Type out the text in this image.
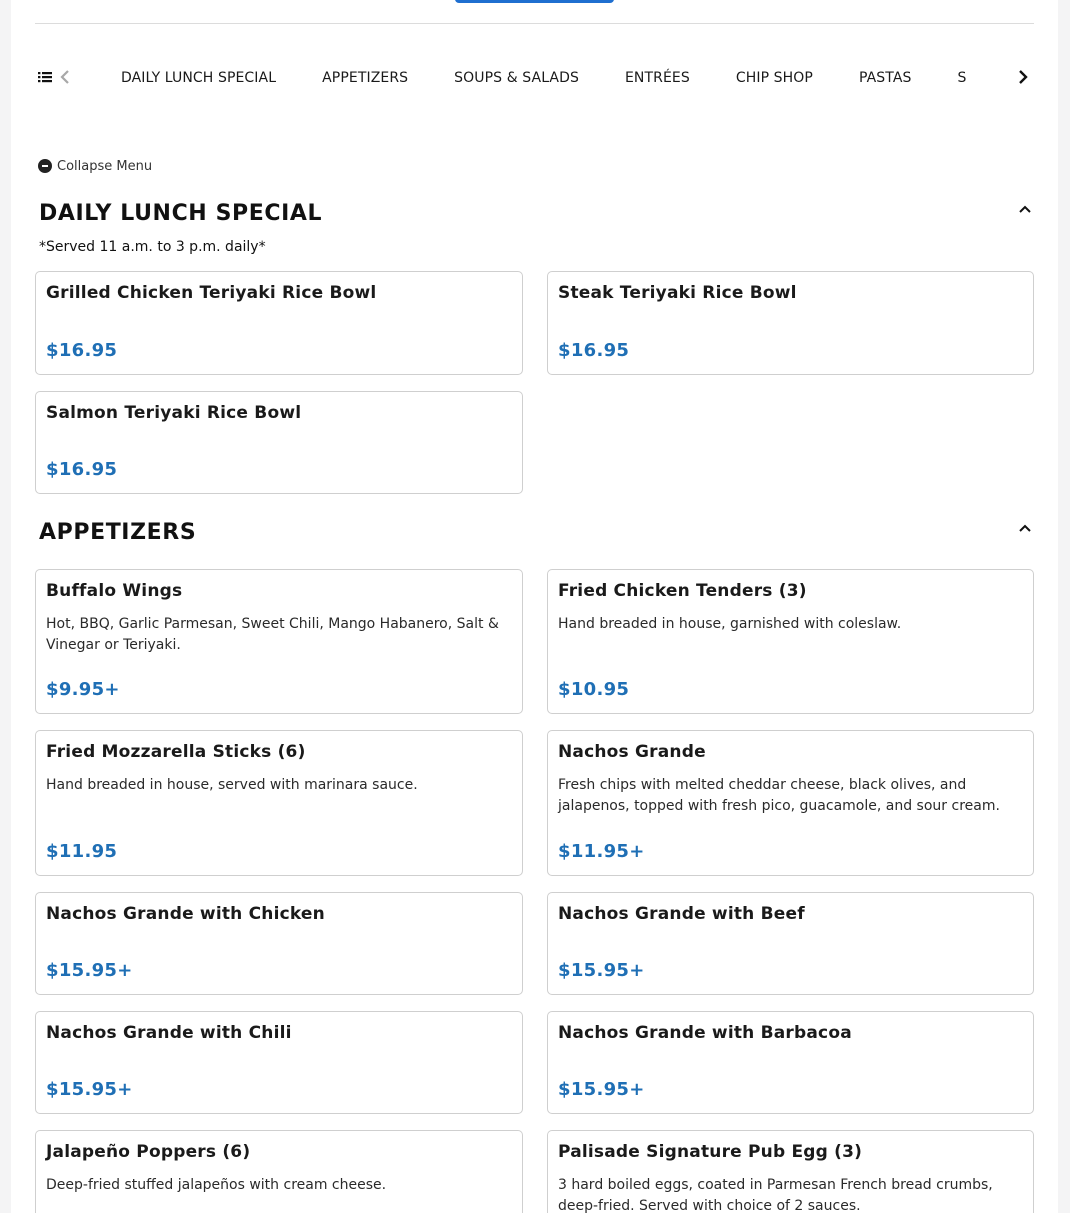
DAILY LUNCH SPECIAL	APPETIZERS	SOUPS & SALADS	ENTRÉES	CHIP SHOP	PASTAS	S
Collapse Menu
DAILY LUNCH SPECIAL
*Served 11 a.m. to 3 p.m. daily*
Grilled Chicken Teriyaki Rice Bowl
$16.95
Steak Teriyaki Rice Bowl
$16.95
Salmon Teriyaki Rice Bowl
$16.95
APPETIZERS
Buffalo Wings
Hot, BBQ, Garlic Parmesan, Sweet Chili, Mango Habanero, Salt & Vinegar or Teriyaki.
$9.95+
Fried Chicken Tenders (3)
Hand breaded in house, garnished with coleslaw.
$10.95
Fried Mozzarella Sticks (6)
Hand breaded in house, served with marinara sauce.
$11.95
Nachos Grande
Fresh chips with melted cheddar cheese, black olives, and jalapenos, topped with fresh pico, guacamole, and sour cream.
$11.95+
Nachos Grande with Chicken
$15.95+
Nachos Grande with Beef
$15.95+
Nachos Grande with Chili
$15.95+
Nachos Grande with Barbacoa
$15.95+
Jalapeño Poppers (6)
Deep-fried stuffed jalapeños with cream cheese.
Palisade Signature Pub Egg (3)
3 hard boiled eggs, coated in Parmesan French bread crumbs, deep-fried. Served with choice of 2 sauces.
